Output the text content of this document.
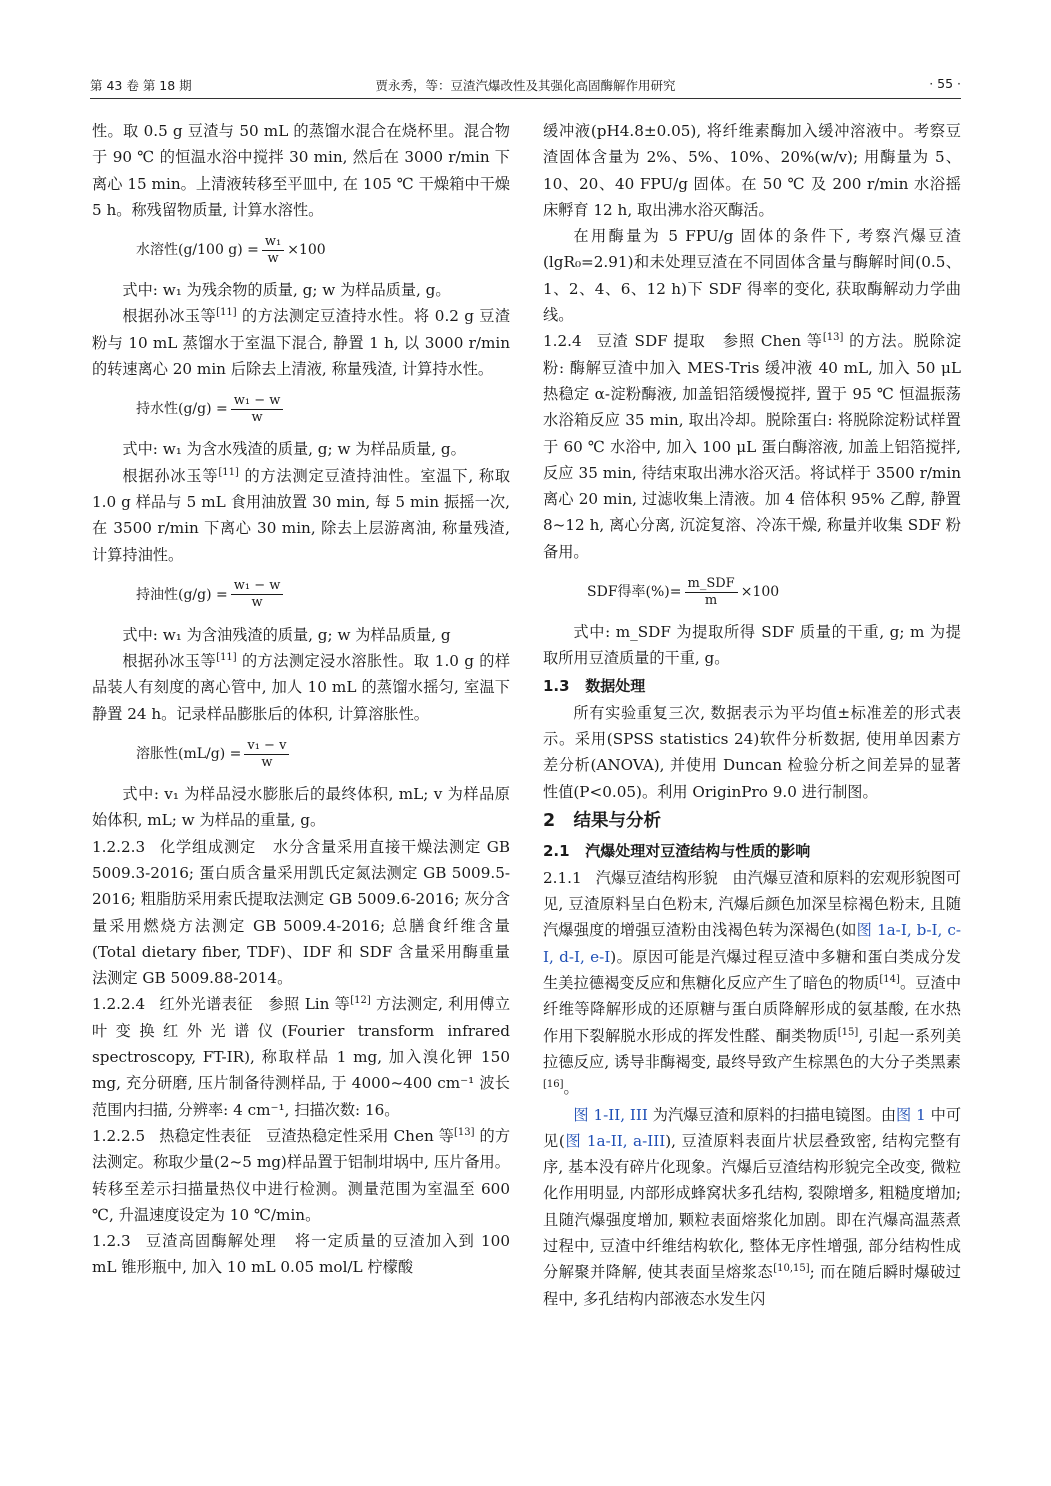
第 43 卷 第 18 期	贾永秀，等：豆渣汽爆改性及其强化高固酶解作用研究	· 55 ·

性。取 0.5 g 豆渣与 50 mL 的蒸馏水混合在烧杯里。混合物于 90 ℃ 的恒温水浴中搅拌 30 min, 然后在 3000 r/min 下离心 15 min。上清液转移至平皿中, 在 105 ℃ 干燥箱中干燥 5 h。称残留物质量, 计算水溶性。

水溶性(g/100 $g) = \frac{\text{w₁}}{w} \times 100$

式中: w₁ 为残余物的质量, g; w 为样品质量, g。

根据孙冰玉等[11] 的方法测定豆渣持水性。将 0.2 g 豆渣粉与 10 mL 蒸馏水于室温下混合, 静置 1 h, 以 3000 r/min 的转速离心 20 min 后除去上清液, 称量残渣, 计算持水性。

持水性$(g/g) = \frac{\text{w₁ − w}}{w}$

式中: w₁ 为含水残渣的质量, g; w 为样品质量, g。

根据孙冰玉等[11] 的方法测定豆渣持油性。室温下, 称取 1.0 g 样品与 5 mL 食用油放置 30 min, 每 5 min 振摇一次, 在 3500 r/min 下离心 30 min, 除去上层游离油, 称量残渣, 计算持油性。

持油性$(g/g) = \frac{\text{w₁ − w}}{w}$

式中: w₁ 为含油残渣的质量, g; w 为样品质量, g

根据孙冰玉等[11] 的方法测定浸水溶胀性。取 1.0 g 的样品装人有刻度的离心管中, 加人 10 mL 的蒸馏水摇匀, 室温下静置 24 h。记录样品膨胀后的体积, 计算溶胀性。

溶胀性$(mL/g) = \frac{\text{v₁ − v}}{w}$

式中: v₁ 为样品浸水膨胀后的最终体积, mL; v 为样品原始体积, mL; w 为样品的重量, g。

1.2.2.3 化学组成测定 水分含量采用直接干燥法测定 GB 5009.3-2016; 蛋白质含量采用凯氏定氮法测定 GB 5009.5-2016; 粗脂肪采用索氏提取法测定 GB 5009.6-2016; 灰分含量采用燃烧方法测定 GB 5009.4-2016; 总膳食纤维含量(Total dietary fiber, TDF)、IDF 和 SDF 含量采用酶重量法测定 GB 5009.88-2014。

1.2.2.4 红外光谱表征 参照 Lin 等[12] 方法测定, 利用傅立叶变换红外光谱仪(Fourier transform infrared spectroscopy, FT-IR), 称取样品 1 mg, 加入溴化钾 150 mg, 充分研磨, 压片制备待测样品, 于 4000~400 cm⁻¹ 波长范围内扫描, 分辨率: 4 cm⁻¹, 扫描次数: 16。

1.2.2.5 热稳定性表征 豆渣热稳定性采用 Chen 等[13] 的方法测定。称取少量(2~5 mg)样品置于铝制坩埚中, 压片备用。转移至差示扫描量热仪中进行检测。测量范围为室温至 600 ℃, 升温速度设定为 10 ℃/min。

1.2.3 豆渣高固酶解处理 将一定质量的豆渣加入到 100 mL 锥形瓶中, 加入 10 mL 0.05 mol/L 柠檬酸

缓冲液(pH4.8±0.05), 将纤维素酶加入缓冲溶液中。考察豆渣固体含量为 2%、5%、10%、20%(w/v); 用酶量为 5、10、20、40 FPU/g 固体。在 50 ℃ 及 200 r/min 水浴摇床孵育 12 h, 取出沸水浴灭酶活。

在用酶量为 5 FPU/g 固体的条件下, 考察汽爆豆渣(lgR₀=2.91)和未处理豆渣在不同固体含量与酶解时间(0.5、1、2、4、6、12 h)下 SDF 得率的变化, 获取酶解动力学曲线。

1.2.4 豆渣 SDF 提取 参照 Chen 等[13] 的方法。脱除淀粉: 酶解豆渣中加入 MES-Tris 缓冲液 40 mL, 加入 50 μL 热稳定 α-淀粉酶液, 加盖铝箔缓慢搅拌, 置于 95 ℃ 恒温振荡水浴箱反应 35 min, 取出冷却。脱除蛋白: 将脱除淀粉试样置于 60 ℃ 水浴中, 加入 100 μL 蛋白酶溶液, 加盖上铝箔搅拌, 反应 35 min, 待结束取出沸水浴灭活。将试样于 3500 r/min 离心 20 min, 过滤收集上清液。加 4 倍体积 95% 乙醇, 静置 8~12 h, 离心分离, 沉淀复溶、冷冻干燥, 称量并收集 SDF 粉备用。

SDF得率(%)= $\frac{\text{m\_SDF}}{m} \times 100$

式中: m_SDF 为提取所得 SDF 质量的干重, g; m 为提取所用豆渣质量的干重, g。

1.3 数据处理

所有实验重复三次, 数据表示为平均值±标准差的形式表示。采用(SPSS statistics 24)软件分析数据, 使用单因素方差分析(ANOVA), 并使用 Duncan 检验分析之间差异的显著性值(P<0.05)。利用 OriginPro 9.0 进行制图。

2 结果与分析
2.1 汽爆处理对豆渣结构与性质的影响

2.1.1 汽爆豆渣结构形貌 由汽爆豆渣和原料的宏观形貌图可见, 豆渣原料呈白色粉末, 汽爆后颜色加深呈棕褐色粉末, 且随汽爆强度的增强豆渣粉由浅褐色转为深褐色(如图 1a-I, b-I, c-I, d-I, e-I)。原因可能是汽爆过程豆渣中多糖和蛋白类成分发生美拉德褐变反应和焦糖化反应产生了暗色的物质[14]。豆渣中纤维等降解形成的还原糖与蛋白质降解形成的氨基酸, 在水热作用下裂解脱水形成的挥发性醛、酮类物质[15], 引起一系列美拉德反应, 诱导非酶褐变, 最终导致产生棕黑色的大分子类黑素[16]。

图 1-II, III 为汽爆豆渣和原料的扫描电镜图。由图 1 中可见(图 1a-II, a-III), 豆渣原料表面片状层叠致密, 结构完整有序, 基本没有碎片化现象。汽爆后豆渣结构形貌完全改变, 微粒化作用明显, 内部形成蜂窝状多孔结构, 裂隙增多, 粗糙度增加; 且随汽爆强度增加, 颗粒表面熔浆化加剧。即在汽爆高温蒸煮过程中, 豆渣中纤维结构软化, 整体无序性增强, 部分结构性成分解聚并降解, 使其表面呈熔浆态[10,15]; 而在随后瞬时爆破过程中, 多孔结构内部液态水发生闪
